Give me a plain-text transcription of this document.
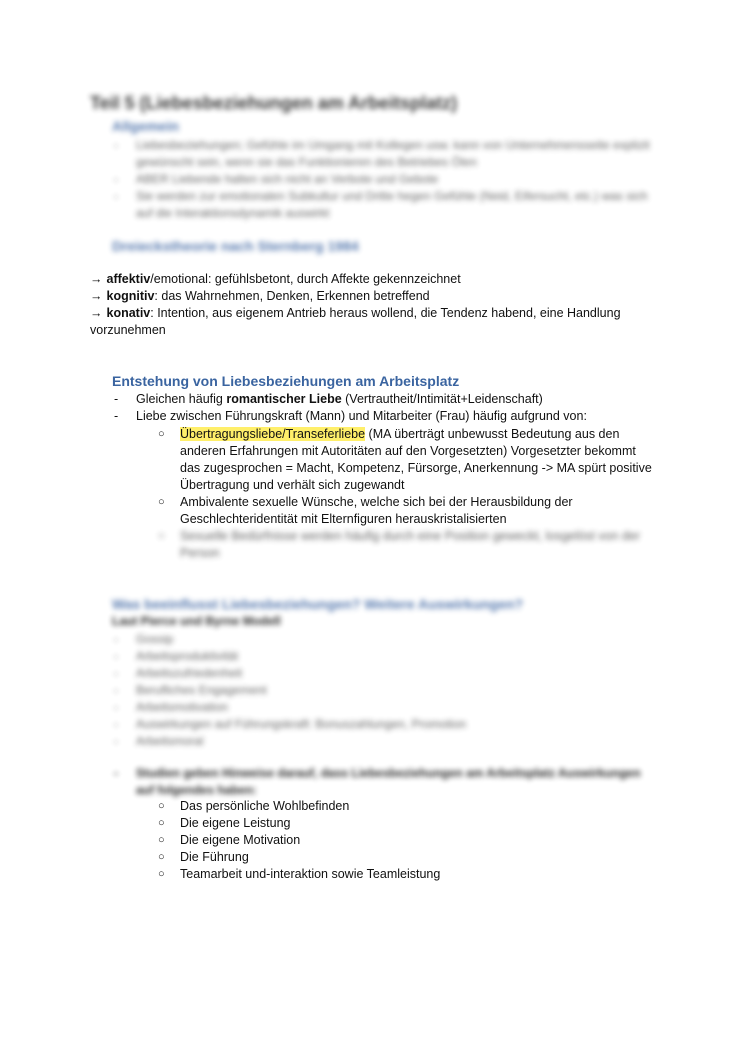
Teil 5 (Liebesbeziehungen am Arbeitsplatz)
Allgemein
- Liebesbeziehungen; Gefühle im Umgang mit Kollegen usw. kann von Unternehmensseite explizit gewünscht sein, wenn sie das Funktionieren des Betriebes Ölen
- ABER Liebende halten sich nicht an Verbote und Gebote
- Sie werden zur emotionalen Subkultur und Dritte hegen Gefühle (Neid, Eifersucht, etc.) was sich auf die Interaktionsdynamik auswirkt
Dreieckstheorie nach Sternberg 1984

→ affektiv/emotional: gefühlsbetont, durch Affekte gekennzeichnet

→ kognitiv: das Wahrnehmen, Denken, Erkennen betreffend

→ konativ: Intention, aus eigenem Antrieb heraus wollend, die Tendenz habend, eine Handlung vorzunehmen

Entstehung von Liebesbeziehungen am Arbeitsplatz
- Gleichen häufig romantischer Liebe (Vertrautheit/Intimität+Leidenschaft)
- Liebe zwischen Führungskraft (Mann) und Mitarbeiter (Frau) häufig aufgrund von:
○ Übertragungsliebe/Transeferliebe (MA überträgt unbewusst Bedeutung aus den anderen Erfahrungen mit Autoritäten auf den Vorgesetzten) Vorgesetzter bekommt das zugesprochen = Macht, Kompetenz, Fürsorge, Anerkennung -> MA spürt positive Übertragung und verhält sich zugewandt
○ Ambivalente sexuelle Wünsche, welche sich bei der Herausbildung der Geschlechteridentität mit Elternfiguren herauskristalisierten
○ Sexuelle Bedürfnisse werden häufig durch eine Position geweckt, losgelöst von der Person
Was beeinflusst Liebesbeziehungen? Weitere Auswirkungen?

Laut Pierce und Byrne Modell

- Gossip
- Arbeitsproduktivität
- Arbeitszufriedenheit
- Berufliches Engagement
- Arbeitsmotivation
- Auswirkungen auf Führungskraft: Bonuszahlungen, Promotion
- Arbeitsmoral
- Studien geben Hinweise darauf, dass Liebesbeziehungen am Arbeitsplatz Auswirkungen auf folgendes haben:
○ Das persönliche Wohlbefinden
○ Die eigene Leistung
○ Die eigene Motivation
○ Die Führung
○ Teamarbeit und-interaktion sowie Teamleistung
